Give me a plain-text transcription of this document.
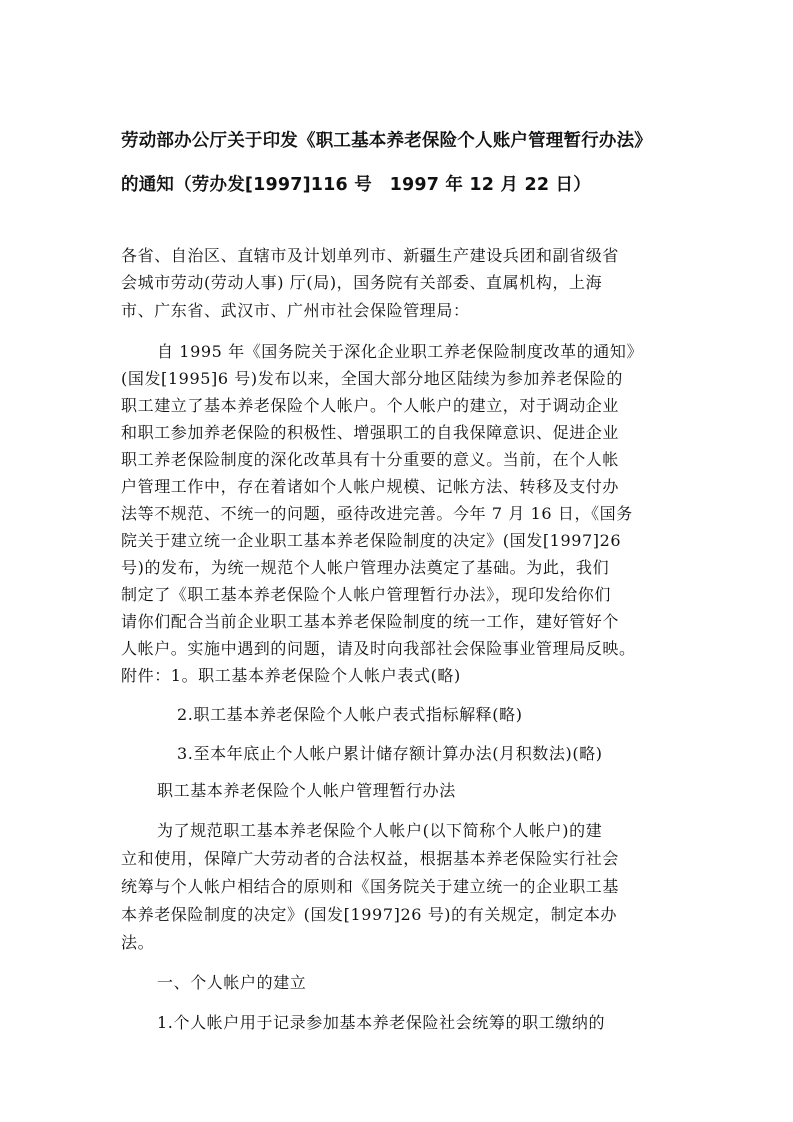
劳动部办公厅关于印发《职工基本养老保险个人账户管理暂行办法》
的通知（劳办发[1997]116 号　1997 年 12 月 22 日）
各省、自治区、直辖市及计划单列市、新疆生产建设兵团和副省级省
会城市劳动(劳动人事) 厅(局)，国务院有关部委、直属机构，上海
市、广东省、武汉市、广州市社会保险管理局：
自 1995 年《国务院关于深化企业职工养老保险制度改革的通知》
(国发[1995]6 号)发布以来，全国大部分地区陆续为参加养老保险的
职工建立了基本养老保险个人帐户。个人帐户的建立，对于调动企业
和职工参加养老保险的积极性、增强职工的自我保障意识、促进企业
职工养老保险制度的深化改革具有十分重要的意义。当前，在个人帐
户管理工作中，存在着诸如个人帐户规模、记帐方法、转移及支付办
法等不规范、不统一的问题，亟待改进完善。今年 7 月 16 日，《国务
院关于建立统一企业职工基本养老保险制度的决定》(国发[1997]26
号)的发布，为统一规范个人帐户管理办法奠定了基础。为此，我们
制定了《职工基本养老保险个人帐户管理暂行办法》，现印发给你们
请你们配合当前企业职工基本养老保险制度的统一工作，建好管好个
人帐户。实施中遇到的问题，请及时向我部社会保险事业管理局反映。
附件：1。职工基本养老保险个人帐户表式(略)
2.职工基本养老保险个人帐户表式指标解释(略)
3.至本年底止个人帐户累计储存额计算办法(月积数法)(略)
职工基本养老保险个人帐户管理暂行办法
为了规范职工基本养老保险个人帐户(以下简称个人帐户)的建
立和使用，保障广大劳动者的合法权益，根据基本养老保险实行社会
统筹与个人帐户相结合的原则和《国务院关于建立统一的企业职工基
本养老保险制度的决定》(国发[1997]26 号)的有关规定，制定本办
法。
一、个人帐户的建立
1.个人帐户用于记录参加基本养老保险社会统筹的职工缴纳的
